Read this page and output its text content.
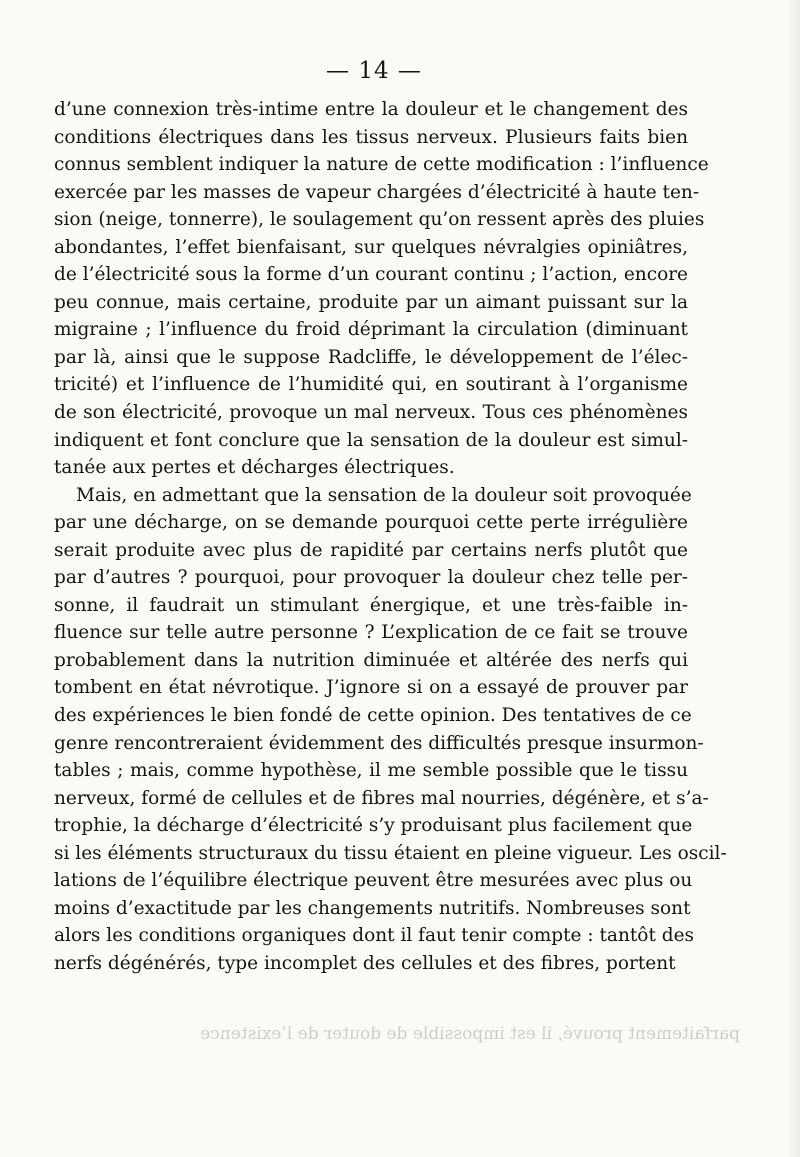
— 14 —
d’une connexion très-intime entre la douleur et le changement des
conditions électriques dans les tissus nerveux. Plusieurs faits bien
connus semblent indiquer la nature de cette modification : l’influence
exercée par les masses de vapeur chargées d’électricité à haute ten-
sion (neige, tonnerre), le soulagement qu’on ressent après des pluies
abondantes, l’effet bienfaisant, sur quelques névralgies opiniâtres,
de l’électricité sous la forme d’un courant continu ; l’action, encore
peu connue, mais certaine, produite par un aimant puissant sur la
migraine ; l’influence du froid déprimant la circulation (diminuant
par là, ainsi que le suppose Radcliffe, le développement de l’élec-
tricité) et l’influence de l’humidité qui, en soutirant à l’organisme
de son électricité, provoque un mal nerveux. Tous ces phénomènes
indiquent et font conclure que la sensation de la douleur est simul-
tanée aux pertes et décharges électriques.
Mais, en admettant que la sensation de la douleur soit provoquée
par une décharge, on se demande pourquoi cette perte irrégulière
serait produite avec plus de rapidité par certains nerfs plutôt que
par d’autres ? pourquoi, pour provoquer la douleur chez telle per-
sonne, il faudrait un stimulant énergique, et une très-faible in-
fluence sur telle autre personne ? L’explication de ce fait se trouve
probablement dans la nutrition diminuée et altérée des nerfs qui
tombent en état névrotique. J’ignore si on a essayé de prouver par
des expériences le bien fondé de cette opinion. Des tentatives de ce
genre rencontreraient évidemment des difficultés presque insurmon-
tables ; mais, comme hypothèse, il me semble possible que le tissu
nerveux, formé de cellules et de fibres mal nourries, dégénère, et s’a-
trophie, la décharge d’électricité s’y produisant plus facilement que
si les éléments structuraux du tissu étaient en pleine vigueur. Les oscil-
lations de l’équilibre électrique peuvent être mesurées avec plus ou
moins d’exactitude par les changements nutritifs. Nombreuses sont
alors les conditions organiques dont il faut tenir compte : tantôt des
nerfs dégénérés, type incomplet des cellules et des fibres, portent
parfaitement prouvé, il est impossible de douter de l’existence
